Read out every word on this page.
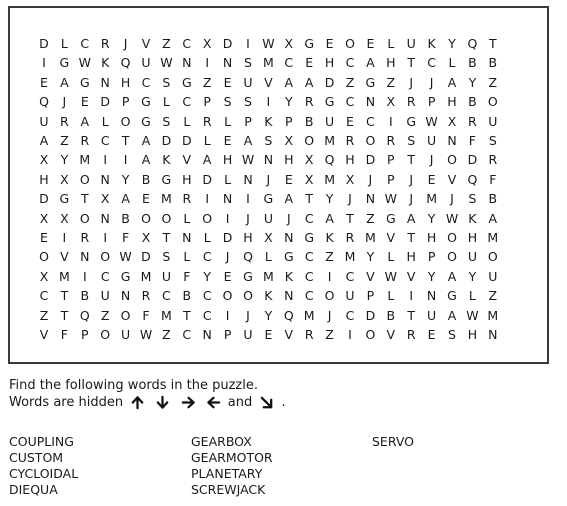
D L	C R	J	V Z C X D	I W X G E O E	L U K Y Q T
I	G W K Q U W N	I	N S M C E H C A H T C	L	B B
E A G N H C S G Z E U V A A D Z G Z	J	J	A Y Z
Q	J	E D P G L	C P	S S	I	Y R G C N X R P H B O
U R A	L O G S	L	R	L	P	K	P B U E C	I	G W X R U
A Z R C T A D D L	E A S X O M R O R S U N F	S
X Y M	I	I	A K V A H W N H X Q H D P	T	J	O D R
H X O N Y B G H D L N	J	E X M X	J	P	J	E V Q F
D G T X A E M R	I	N	I	G A T	Y	J	N W J	M	J	S B
X X O N B O O L O	I	J	U	J	C A T Z G A Y W K A
E	I	R	I	F	X T N L D H X N G K R M V T H O H M
O V N O W D S	L	C	J	Q L G C Z M Y	L H P O U O
X M	I	C G M U F	Y	E G M K C	I	C V W V Y A Y U
C T B U N R C B C O O K N C O U P	L	I	N G L	Z
Z T Q Z O F M T C	I	J	Y Q M	J	C D B T U A W M
V	F	P O U W Z C N P U E V R Z	I	O V R E S H N
Find the following words in the puzzle.
Words are hidden	and .
COUPLING
CUSTOM
CYCLOIDAL
DIEQUA
GEARBOX
GEARMOTOR
PLANETARY
SCREWJACK
SERVO
